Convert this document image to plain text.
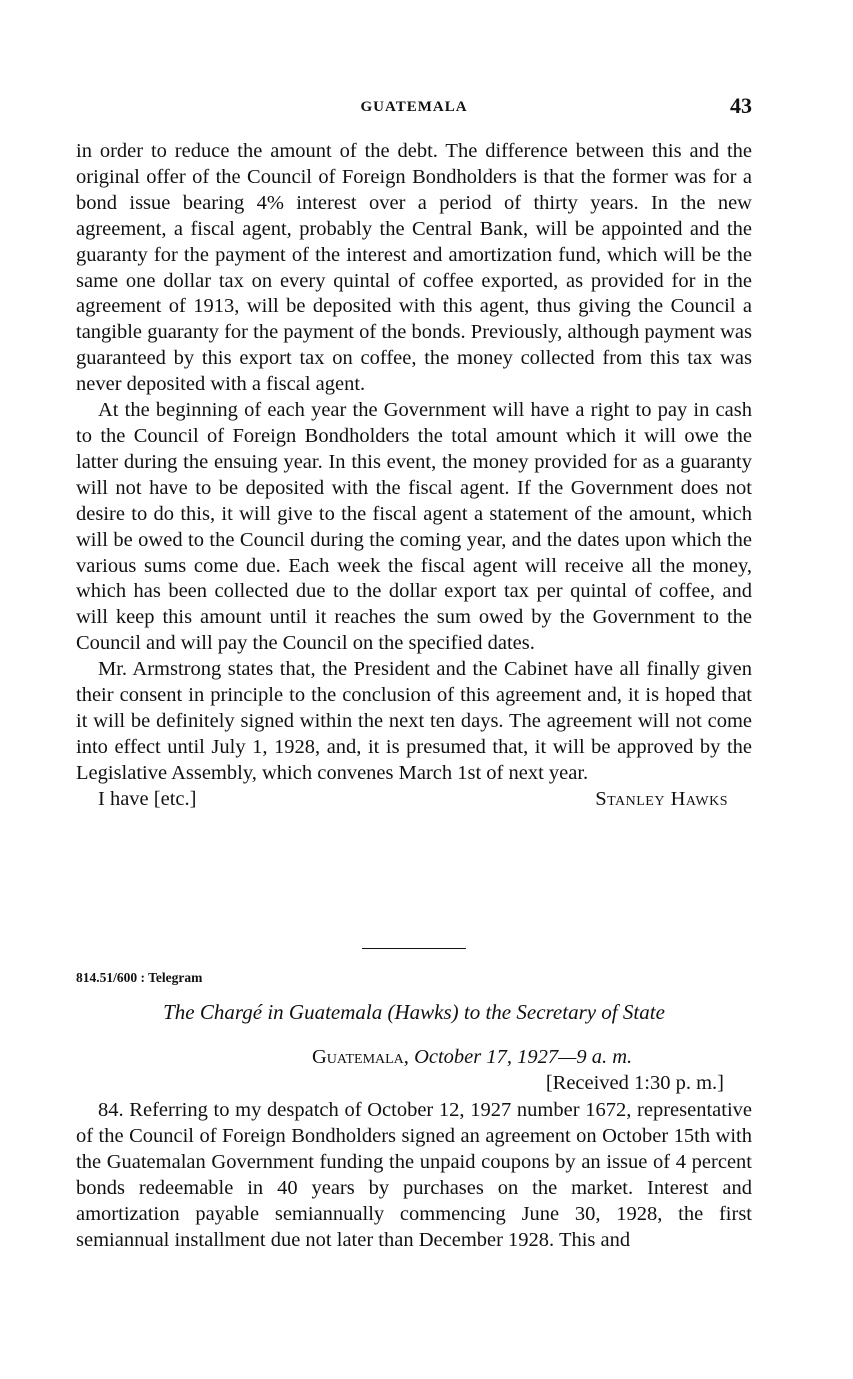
GUATEMALA	43

in order to reduce the amount of the debt. The difference between this and the original offer of the Council of Foreign Bondholders is that the former was for a bond issue bearing 4% interest over a period of thirty years. In the new agreement, a fiscal agent, probably the Central Bank, will be appointed and the guaranty for the payment of the interest and amortization fund, which will be the same one dollar tax on every quintal of coffee exported, as provided for in the agreement of 1913, will be deposited with this agent, thus giving the Council a tangible guaranty for the payment of the bonds. Previously, although payment was guaranteed by this export tax on coffee, the money collected from this tax was never deposited with a fiscal agent.

At the beginning of each year the Government will have a right to pay in cash to the Council of Foreign Bondholders the total amount which it will owe the latter during the ensuing year. In this event, the money provided for as a guaranty will not have to be deposited with the fiscal agent. If the Government does not desire to do this, it will give to the fiscal agent a statement of the amount, which will be owed to the Council during the coming year, and the dates upon which the various sums come due. Each week the fiscal agent will receive all the money, which has been collected due to the dollar export tax per quintal of coffee, and will keep this amount until it reaches the sum owed by the Government to the Council and will pay the Council on the specified dates.

Mr. Armstrong states that, the President and the Cabinet have all finally given their consent in principle to the conclusion of this agreement and, it is hoped that it will be definitely signed within the next ten days. The agreement will not come into effect until July 1, 1928, and, it is presumed that, it will be approved by the Legislative Assembly, which convenes March 1st of next year.

I have [etc.]	Stanley Hawks
814.51/600 : Telegram
The Chargé in Guatemala (Hawks) to the Secretary of State
Guatemala, October 17, 1927—9 a. m.
[Received 1:30 p. m.]

84. Referring to my despatch of October 12, 1927 number 1672, representative of the Council of Foreign Bondholders signed an agreement on October 15th with the Guatemalan Government funding the unpaid coupons by an issue of 4 percent bonds redeemable in 40 years by purchases on the market. Interest and amortization payable semiannually commencing June 30, 1928, the first semiannual installment due not later than December 1928. This and
